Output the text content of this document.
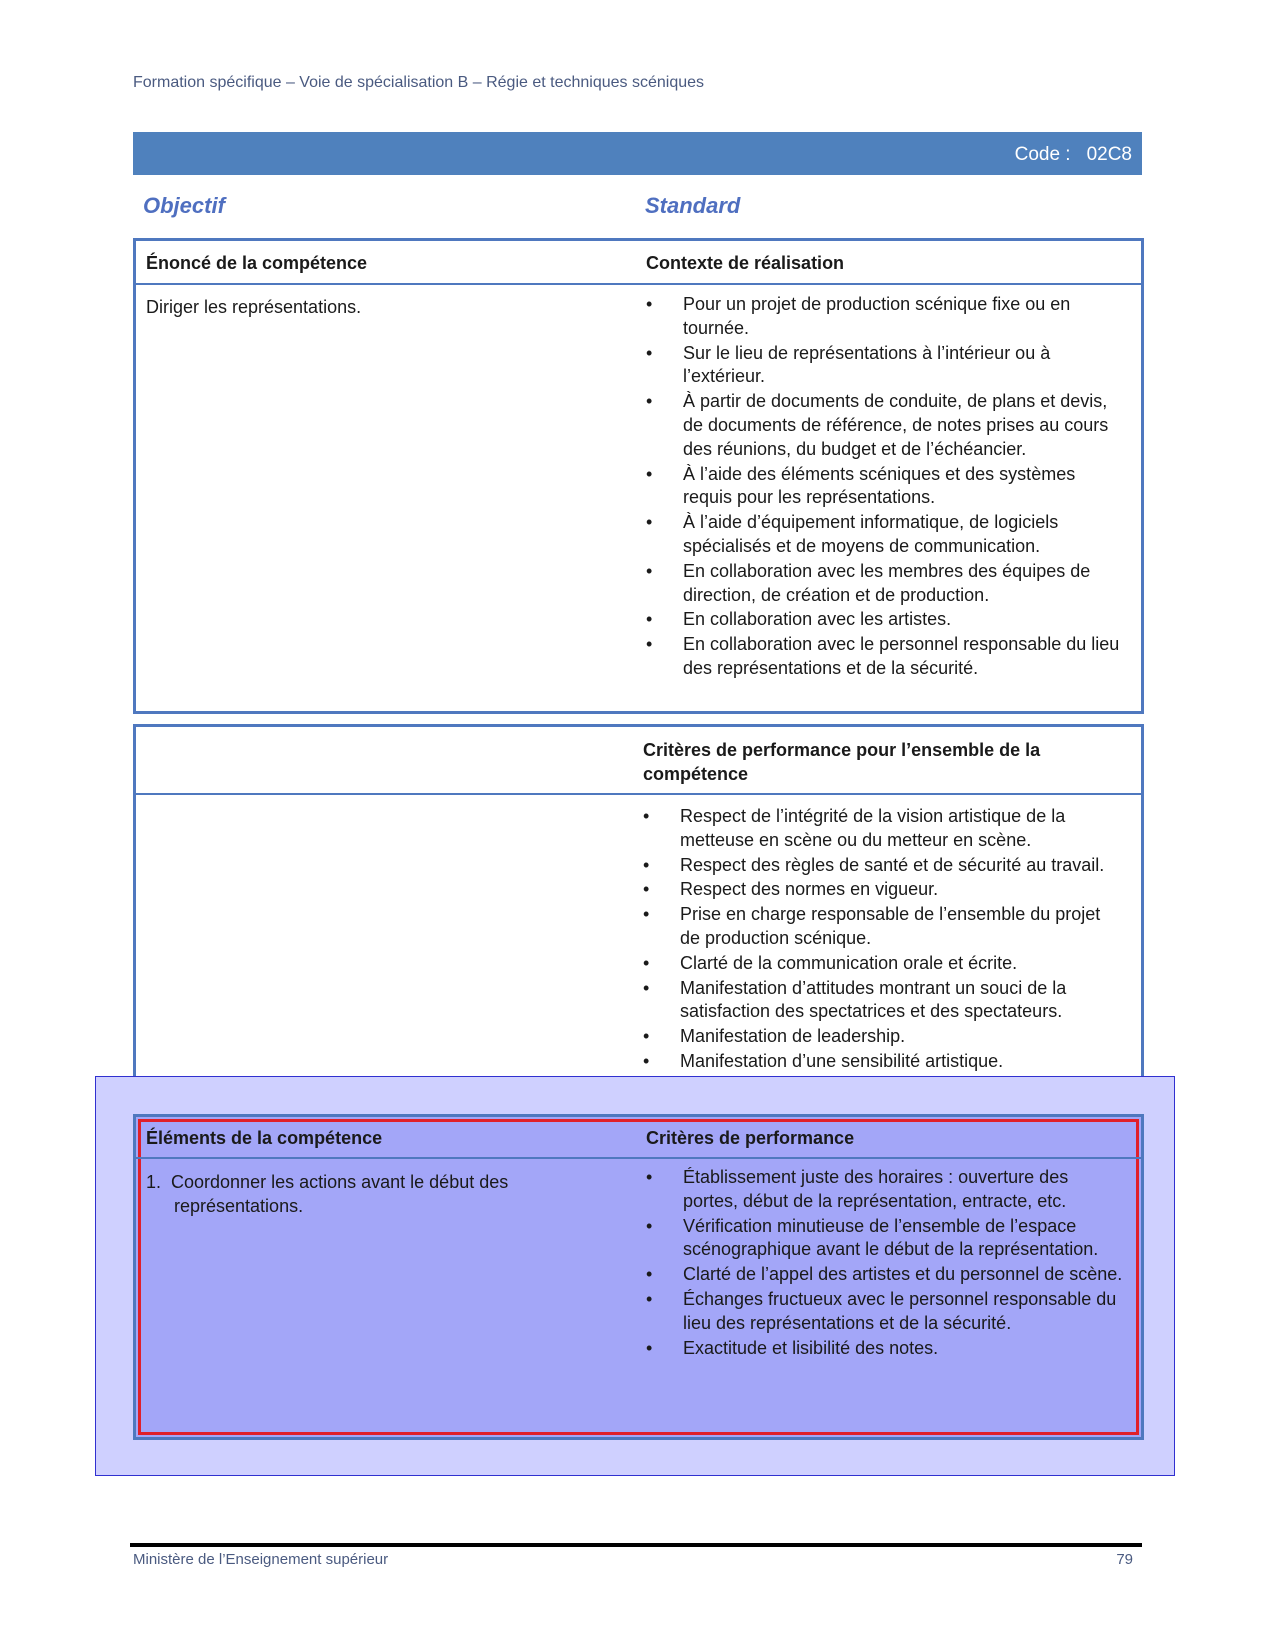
Formation spécifique – Voie de spécialisation B – Régie et techniques scéniques
Code : 02C8
Objectif	Standard
Énoncé de la compétence	Contexte de réalisation
Diriger les représentations.	• Pour un projet de production scénique fixe ou en tournée.
• Sur le lieu de représentations à l’intérieur ou à l’extérieur.
• À partir de documents de conduite, de plans et devis, de documents de référence, de notes prises au cours des réunions, du budget et de l’échéancier.
• À l’aide des éléments scéniques et des systèmes requis pour les représentations.
• À l’aide d’équipement informatique, de logiciels spécialisés et de moyens de communication.
• En collaboration avec les membres des équipes de direction, de création et de production.
• En collaboration avec les artistes.
• En collaboration avec le personnel responsable du lieu des représentations et de la sécurité.
Critères de performance pour l’ensemble de la compétence
• Respect de l’intégrité de la vision artistique de la metteuse en scène ou du metteur en scène.
• Respect des règles de santé et de sécurité au travail.
• Respect des normes en vigueur.
• Prise en charge responsable de l’ensemble du projet de production scénique.
• Clarté de la communication orale et écrite.
• Manifestation d’attitudes montrant un souci de la satisfaction des spectatrices et des spectateurs.
• Manifestation de leadership.
• Manifestation d’une sensibilité artistique.
Éléments de la compétence	Critères de performance
1.  Coordonner les actions avant le début des représentations.
• Établissement juste des horaires : ouverture des portes, début de la représentation, entracte, etc.
• Vérification minutieuse de l’ensemble de l’espace scénographique avant le début de la représentation.
• Clarté de l’appel des artistes et du personnel de scène.
• Échanges fructueux avec le personnel responsable du lieu des représentations et de la sécurité.
• Exactitude et lisibilité des notes.
Ministère de l’Enseignement supérieur	79
